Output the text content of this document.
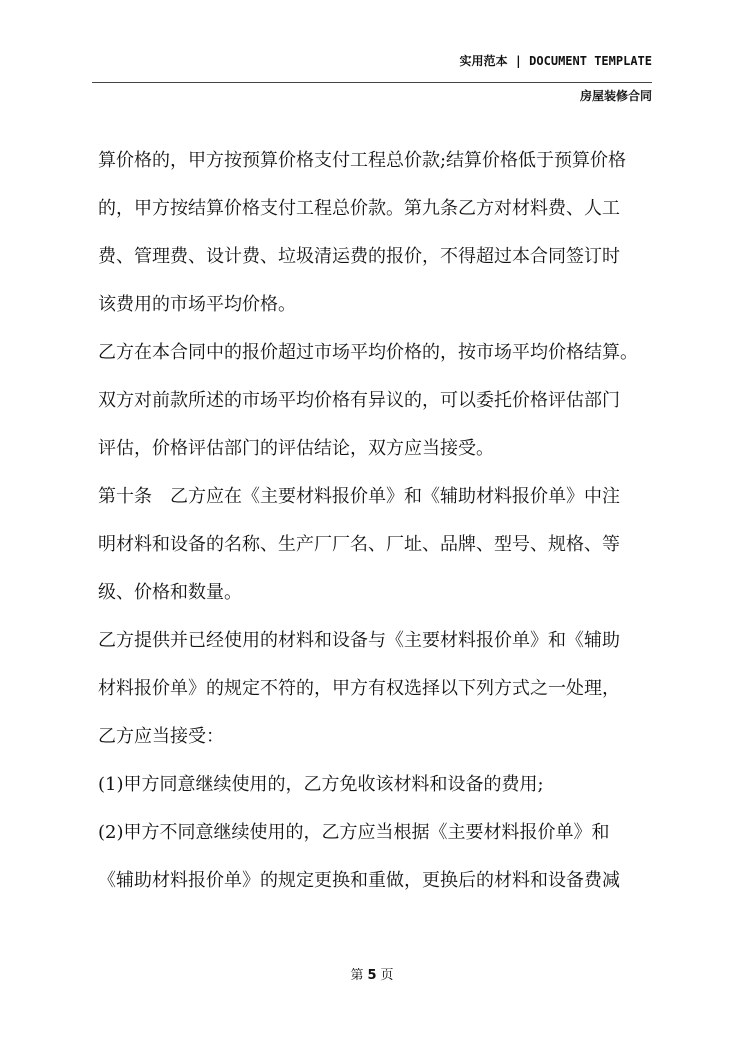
实用范本 | DOCUMENT TEMPLATE
房屋装修合同
算价格的，甲方按预算价格支付工程总价款;结算价格低于预算价格
的，甲方按结算价格支付工程总价款。第九条乙方对材料费、人工
费、管理费、设计费、垃圾清运费的报价，不得超过本合同签订时
该费用的市场平均价格。
乙方在本合同中的报价超过市场平均价格的，按市场平均价格结算。
双方对前款所述的市场平均价格有异议的，可以委托价格评估部门
评估，价格评估部门的评估结论，双方应当接受。
第十条　乙方应在《主要材料报价单》和《辅助材料报价单》中注
明材料和设备的名称、生产厂厂名、厂址、品牌、型号、规格、等
级、价格和数量。
乙方提供并已经使用的材料和设备与《主要材料报价单》和《辅助
材料报价单》的规定不符的，甲方有权选择以下列方式之一处理，
乙方应当接受：
(1)甲方同意继续使用的，乙方免收该材料和设备的费用;
(2)甲方不同意继续使用的，乙方应当根据《主要材料报价单》和
《辅助材料报价单》的规定更换和重做，更换后的材料和设备费减
第 5 页
